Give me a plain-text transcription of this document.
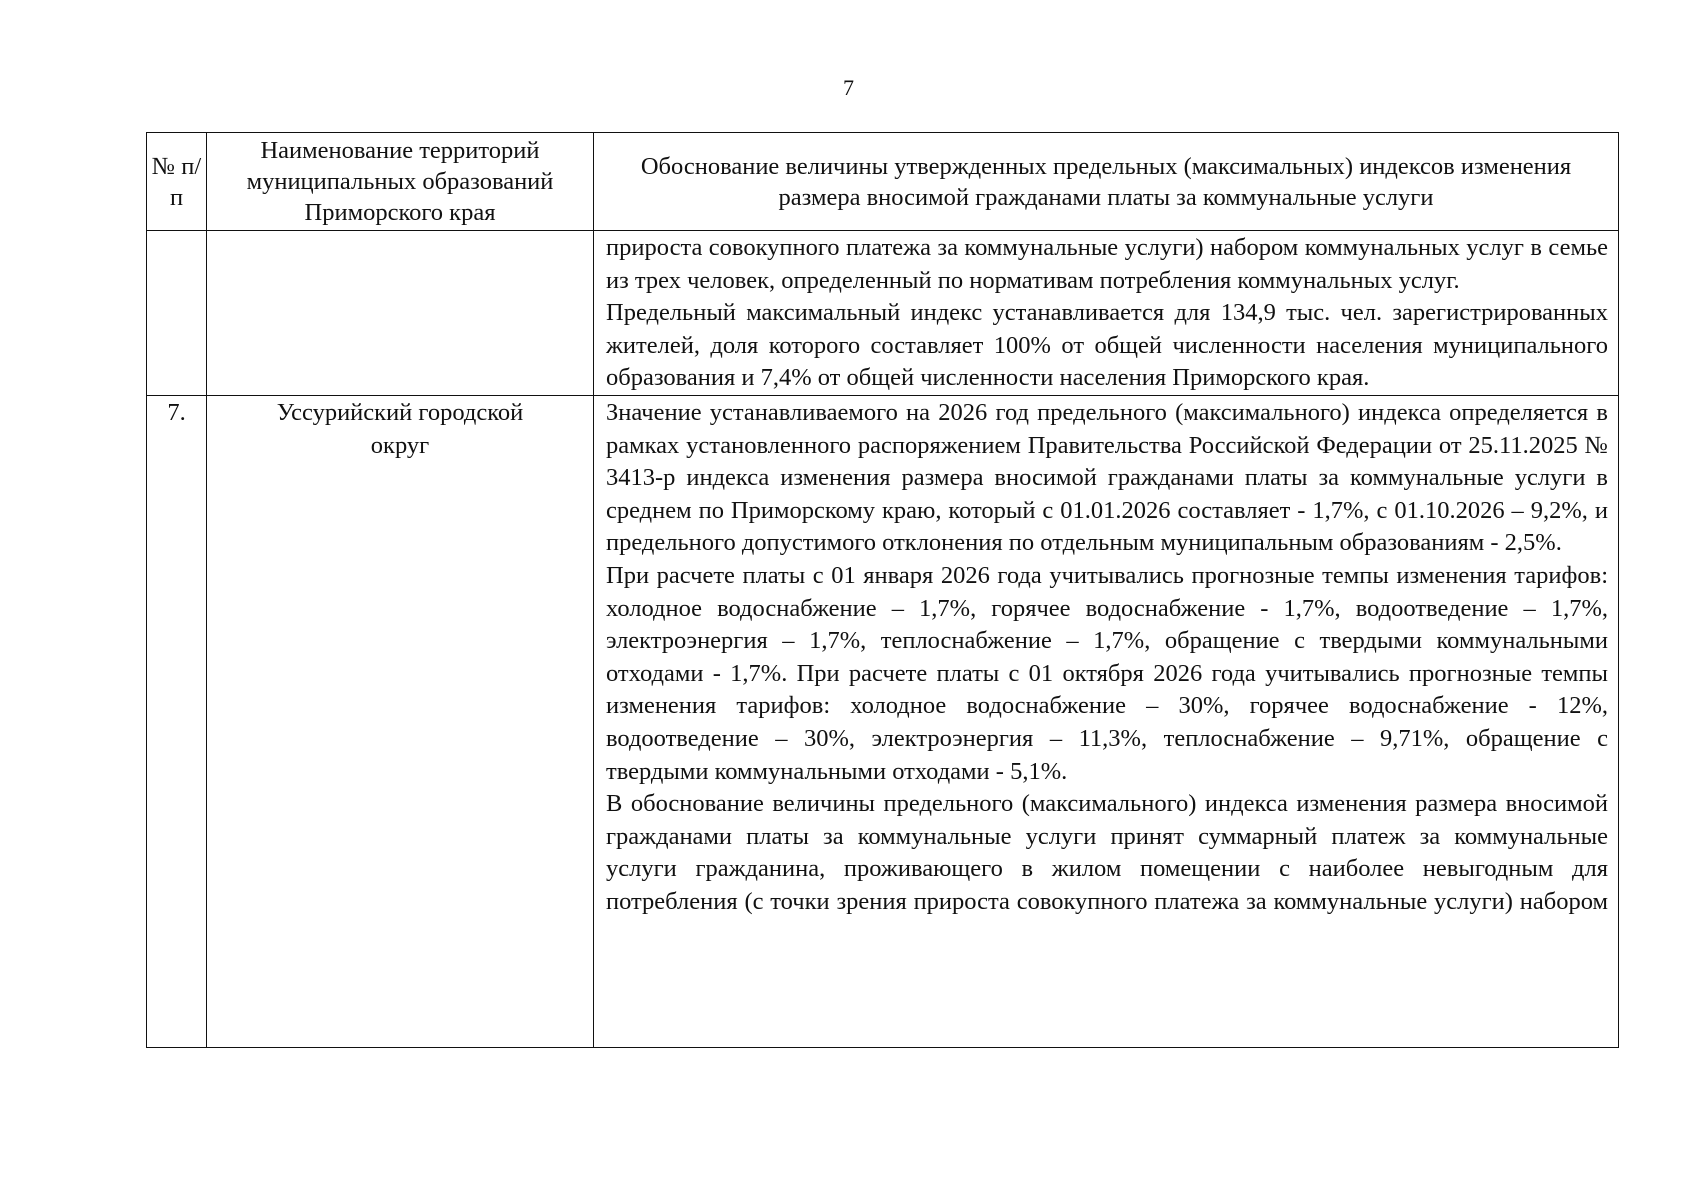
7
№ п/п	Наименование территорий муниципальных образований Приморского края	Обоснование величины утвержденных предельных (максимальных) индексов изменения размера вносимой гражданами платы за коммунальные услуги

		прироста совокупного платежа за коммунальные услуги) набором коммунальных услуг в семье из трех человек, определенный по нормативам потребления коммунальных услуг.

Предельный максимальный индекс устанавливается для 134,9 тыс. чел. зарегистрированных жителей, доля которого составляет 100% от общей численности населения муниципального образования и 7,4% от общей численности населения Приморского края.

7.	Уссурийский городской округ	Значение устанавливаемого на 2026 год предельного (максимального) индекса определяется в рамках установленного распоряжением Правительства Российской Федерации от 25.11.2025 № 3413-р индекса изменения размера вносимой гражданами платы за коммунальные услуги в среднем по Приморскому краю, который с 01.01.2026 составляет - 1,7%, с 01.10.2026 – 9,2%, и предельного допустимого отклонения по отдельным муниципальным образованиям - 2,5%.

При расчете платы с 01 января 2026 года учитывались прогнозные темпы изменения тарифов: холодное водоснабжение – 1,7%, горячее водоснабжение - 1,7%, водоотведение – 1,7%, электроэнергия – 1,7%, теплоснабжение – 1,7%, обращение с твердыми коммунальными отходами - 1,7%. При расчете платы с 01 октября 2026 года учитывались прогнозные темпы изменения тарифов: холодное водоснабжение – 30%, горячее водоснабжение - 12%, водоотведение – 30%, электроэнергия – 11,3%, теплоснабжение – 9,71%, обращение с твердыми коммунальными отходами - 5,1%.

В обоснование величины предельного (максимального) индекса изменения размера вносимой гражданами платы за коммунальные услуги принят суммарный платеж за коммунальные услуги гражданина, проживающего в жилом помещении с наиболее невыгодным для потребления (с точки зрения прироста совокупного платежа за коммунальные услуги) набором
